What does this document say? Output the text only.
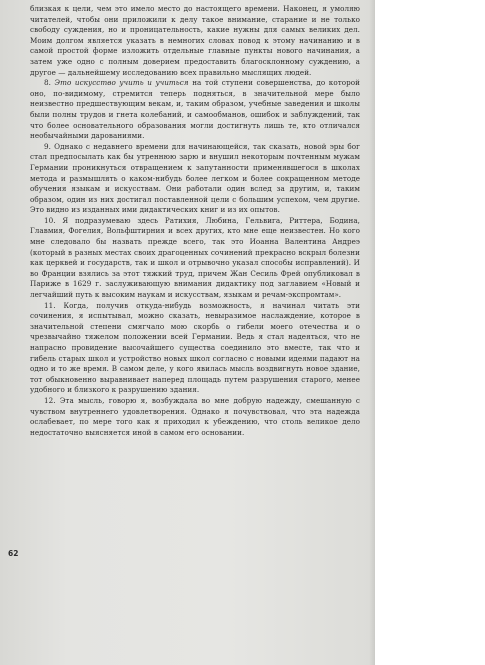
близкая к цели, чем это имело место до настоящего времени. Наконец, я умоляю читателей, чтобы они приложили к делу такое внимание, старание и не только свободу суждения, но и проницательность, какие нужны для самых великих дел. Моим долгом является указать в немногих словах повод к этому начинанию и в самой простой форме изложить отдельные главные пункты нового начинания, а затем уже одно с полным доверием предоставить благосклонному суждению, а другое — дальнейшему исследованию всех правильно мыслящих людей.

8. Это искусство учить и учиться на той ступени совершенства, до которой оно, по-видимому, стремится теперь подняться, в значительной мере было неизвестно предшествующим векам, и, таким образом, учебные заведения и школы были полны трудов и гнета колебаний, и самообманов, ошибок и заблуждений, так что более основательного образования могли достигнуть лишь те, кто отличался необычайными дарованиями.

9. Однако с недавнего времени для начинающейся, так сказать, новой эры бог стал предпосылать как бы утреннюю зарю и внушил некоторым почтенным мужам Германии проникнуться отвращением к запутанности применявшегося в школах метода и размышлять о каком-нибудь более легком и более сокращенном методе обучения языкам и искусствам. Они работали один вслед за другим, и, таким образом, один из них достигал поставленной цели с большим успехом, чем другие. Это видно из изданных ими дидактических книг и из их опытов.

10. Я подразумеваю здесь Ратихия, Любина, Гельвига, Риттера, Бодина, Главмия, Фогелия, Вольфштирния и всех других, кто мне еще неизвестен. Но кого мне следовало бы назвать прежде всего, так это Иоанна Валентина Андреэ (который в разных местах своих драгоценных сочинений прекрасно вскрыл болезни как церквей и государств, так и школ и отрывочно указал способы исправлений). И во Франции взялись за этот тяжкий труд, причем Жан Сесиль Фрей опубликовал в Париже в 1629 г. заслуживающую внимания дидактику под заглавием «Новый и легчайший путь к высоким наукам и искусствам, языкам и речам-экспромтам».

11. Когда, получив откуда-нибудь возможность, я начинал читать эти сочинения, я испытывал, можно сказать, невыразимое наслаждение, которое в значительной степени смягчало мою скорбь о гибели моего отечества и о чрезвычайно тяжелом положении всей Германии. Ведь я стал надеяться, что не напрасно провидение высочайшего существа соединило это вместе, так что и гибель старых школ и устройство новых школ согласно с новыми идеями падают на одно и то же время. В самом деле, у кого явилась мысль воздвигнуть новое здание, тот обыкновенно выравнивает наперед площадь путем разрушения старого, менее удобного и близкого к разрушению здания.

12. Эта мысль, говорю я, возбуждала во мне добрую надежду, смешанную с чувством внутреннего удовлетворения. Однако я почувствовал, что эта надежда ослабевает, по мере того как я приходил к убеждению, что столь великое дело недостаточно выясняется иной в самом его основании.

62
